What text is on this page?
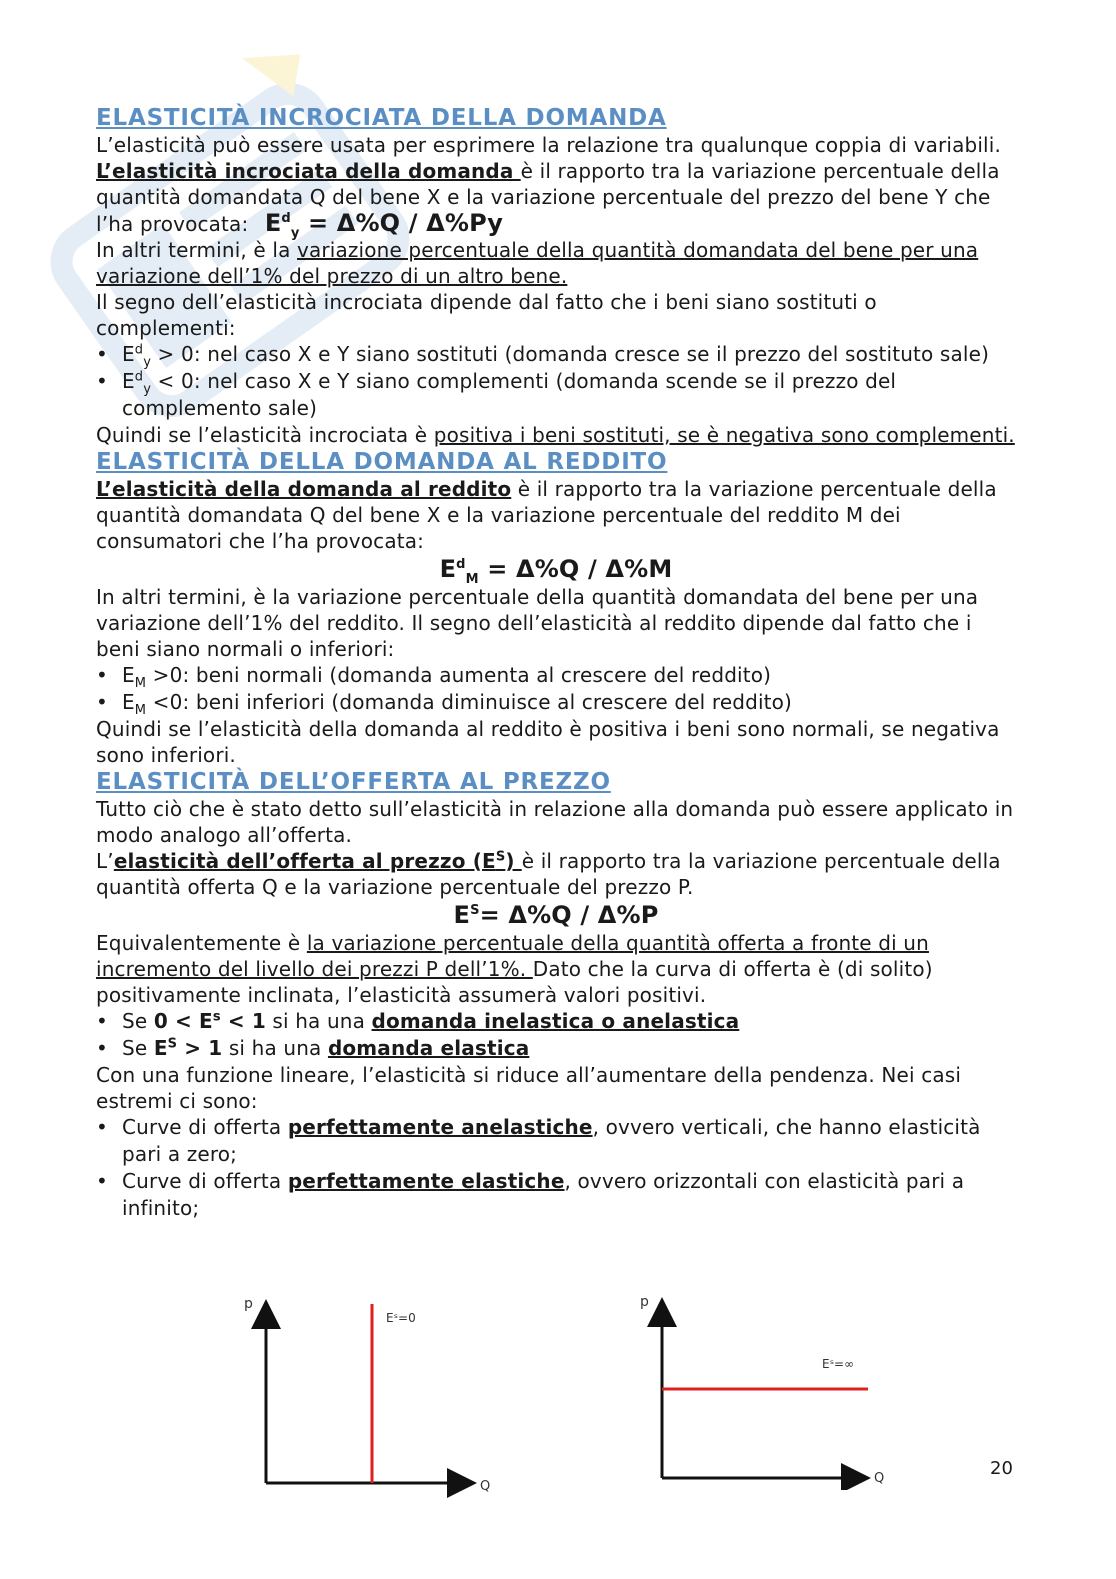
ELASTICITÀ INCROCIATA DELLA DOMANDA

L’elasticità può essere usata per esprimere la relazione tra qualunque coppia di variabili. L’elasticità incrociata della domanda è il rapporto tra la variazione percentuale della quantità domandata Q del bene X e la variazione percentuale del prezzo del bene Y che l’ha provocata: $E^d_y = \Delta\%Q / \Delta\%Py$

In altri termini, è la variazione percentuale della quantità domandata del bene per una variazione dell’1% del prezzo di un altro bene.

Il segno dell’elasticità incrociata dipende dal fatto che i beni siano sostituti o complementi:

• $E^d_y > 0$: nel caso X e Y siano sostituti (domanda cresce se il prezzo del sostituto sale)
• $E^d_y < 0$: nel caso X e Y siano complementi (domanda scende se il prezzo del complemento sale)

Quindi se l’elasticità incrociata è positiva i beni sostituti, se è negativa sono complementi.

ELASTICITÀ DELLA DOMANDA AL REDDITO

L’elasticità della domanda al reddito è il rapporto tra la variazione percentuale della quantità domandata Q del bene X e la variazione percentuale del reddito M dei consumatori che l’ha provocata:

$E^d_M = \Delta\%Q / \Delta\%M$

In altri termini, è la variazione percentuale della quantità domandata del bene per una variazione dell’1% del reddito. Il segno dell’elasticità al reddito dipende dal fatto che i beni siano normali o inferiori:

• $E_M >0$: beni normali (domanda aumenta al crescere del reddito)
• $E_M <0$: beni inferiori (domanda diminuisce al crescere del reddito)

Quindi se l’elasticità della domanda al reddito è positiva i beni sono normali, se negativa sono inferiori.

ELASTICITÀ DELL’OFFERTA AL PREZZO

Tutto ciò che è stato detto sull’elasticità in relazione alla domanda può essere applicato in modo analogo all’offerta.

L’elasticità dell’offerta al prezzo $(E^S)$ è il rapporto tra la variazione percentuale della quantità offerta Q e la variazione percentuale del prezzo P.

$E^S= \Delta\%Q / \Delta\%P$

Equivalentemente è la variazione percentuale della quantità offerta a fronte di un incremento del livello dei prezzi P dell’1%. Dato che la curva di offerta è (di solito) positivamente inclinata, l’elasticità assumerà valori positivi.

• Se $0 < E^s < 1$ si ha una domanda inelastica o anelastica
• Se $E^S > 1$ si ha una domanda elastica

Con una funzione lineare, l’elasticità si riduce all’aumentare della pendenza. Nei casi estremi ci sono:

• Curve di offerta perfettamente anelastiche, ovvero verticali, che hanno elasticità pari a zero;
• Curve di offerta perfettamente elastiche, ovvero orizzontali con elasticità pari a infinito;
p
Q
Eˢ=0
p
Q
Eˢ=∞
20
